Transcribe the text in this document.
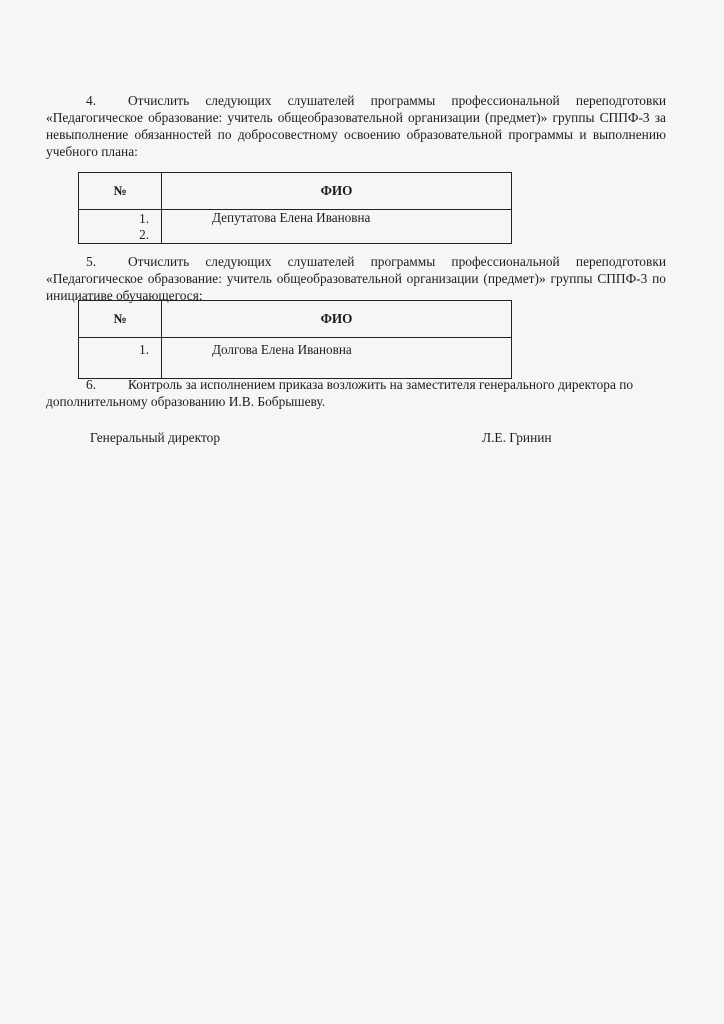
4. Отчислить следующих слушателей программы профессиональной переподготовки «Педагогическое образование: учитель общеобразовательной организации (предмет)» группы СППФ-3 за невыполнение обязанностей по добросовестному освоению образовательной программы и выполнению учебного плана:

№	ФИО
1.	Депутатова Елена Ивановна
2.	

5. Отчислить следующих слушателей программы профессиональной переподготовки «Педагогическое образование: учитель общеобразовательной организации (предмет)» группы СППФ-3 по инициативе обучающегося:

№	ФИО
1.	Долгова Елена Ивановна

6. Контроль за исполнением приказа возложить на заместителя генерального директора по дополнительному образованию И.В. Бобрышеву.

Генеральный директор	Л.Е. Гринин
